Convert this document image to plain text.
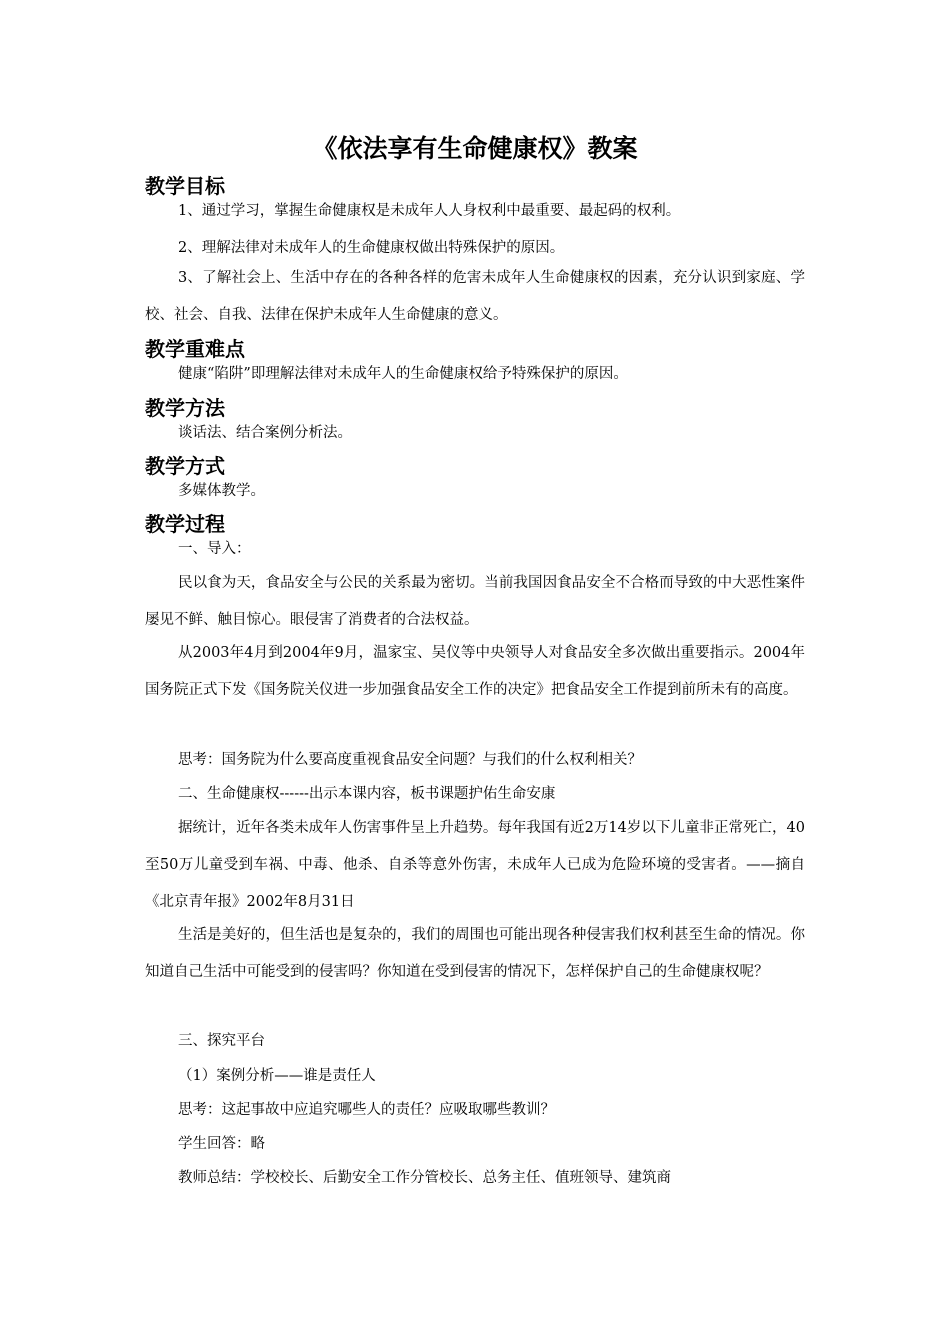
《依法享有生命健康权》教案
教学目标

1、通过学习，掌握生命健康权是未成年人人身权利中最重要、最起码的权利。

2、理解法律对未成年人的生命健康权做出特殊保护的原因。

3、了解社会上、生活中存在的各种各样的危害未成年人生命健康权的因素，充分认识到家庭、学校、社会、自我、法律在保护未成年人生命健康的意义。

教学重难点

健康“陷阱”即理解法律对未成年人的生命健康权给予特殊保护的原因。

教学方法

谈话法、结合案例分析法。

教学方式

多媒体教学。

教学过程

一、导入：

民以食为天，食品安全与公民的关系最为密切。当前我国因食品安全不合格而导致的中大恶性案件屡见不鲜、触目惊心。眼侵害了消费者的合法权益。

从2003年4月到2004年9月，温家宝、吴仪等中央领导人对食品安全多次做出重要指示。2004年国务院正式下发《国务院关仪进一步加强食品安全工作的决定》把食品安全工作提到前所未有的高度。

思考：国务院为什么要高度重视食品安全问题？与我们的什么权利相关？

二、生命健康权------出示本课内容，板书课题护佑生命安康

据统计，近年各类未成年人伤害事件呈上升趋势。每年我国有近2万14岁以下儿童非正常死亡，40至50万儿童受到车祸、中毒、他杀、自杀等意外伤害，未成年人已成为危险环境的受害者。——摘自《北京青年报》2002年8月31日

生活是美好的，但生活也是复杂的，我们的周围也可能出现各种侵害我们权利甚至生命的情况。你知道自己生活中可能受到的侵害吗？你知道在受到侵害的情况下，怎样保护自己的生命健康权呢？

三、探究平台

（1）案例分析——谁是责任人

思考：这起事故中应追究哪些人的责任？应吸取哪些教训？

学生回答：略

教师总结：学校校长、后勤安全工作分管校长、总务主任、值班领导、建筑商
